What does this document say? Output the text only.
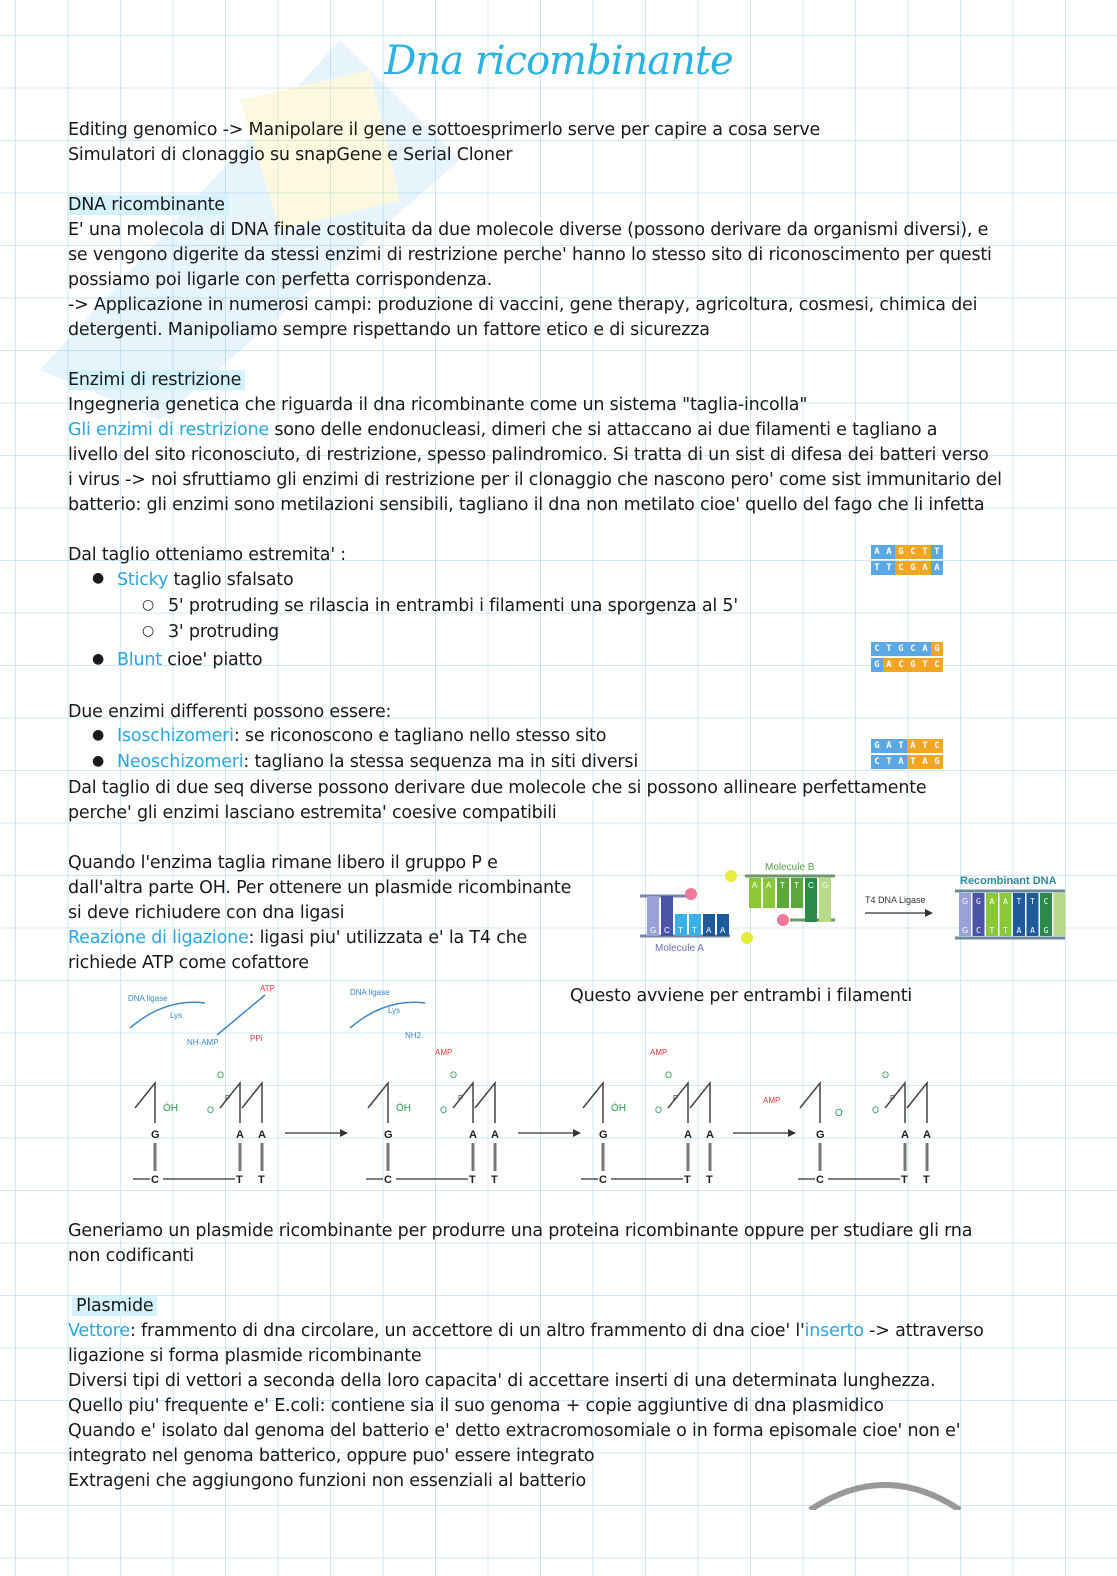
Dna ricombinante
Editing genomico -> Manipolare il gene e sottoesprimerlo serve per capire a cosa serve
Simulatori di clonaggio su snapGene e Serial Cloner
DNA ricombinante
E' una molecola di DNA finale costituita da due molecole diverse (possono derivare da organismi diversi), e
se vengono digerite da stessi enzimi di restrizione perche' hanno lo stesso sito di riconoscimento per questi
possiamo poi ligarle con perfetta corrispondenza.
-> Applicazione in numerosi campi: produzione di vaccini, gene therapy, agricoltura, cosmesi, chimica dei
detergenti. Manipoliamo sempre rispettando un fattore etico e di sicurezza
Enzimi di restrizione
Ingegneria genetica che riguarda il dna ricombinante come un sistema "taglia-incolla"
Gli enzimi di restrizione sono delle endonucleasi, dimeri che si attaccano ai due filamenti e tagliano a
livello del sito riconosciuto, di restrizione, spesso palindromico. Si tratta di un sist di difesa dei batteri verso
i virus -> noi sfruttiamo gli enzimi di restrizione per il clonaggio che nascono pero' come sist immunitario del
batterio: gli enzimi sono metilazioni sensibili, tagliano il dna non metilato cioe' quello del fago che li infetta
Dal taglio otteniamo estremita' :
● Sticky taglio sfalsato
○ 5' protruding se rilascia in entrambi i filamenti una sporgenza al 5'
○ 3' protruding
● Blunt cioe' piatto
A A G C T T
T T C G A A
C T G C A G
G A C G T C
G A T A T C
C T A T A G
Due enzimi differenti possono essere:
● Isoschizomeri: se riconoscono e tagliano nello stesso sito
● Neoschizomeri: tagliano la stessa sequenza ma in siti diversi
Dal taglio di due seq diverse possono derivare due molecole che si possono allineare perfettamente
perche' gli enzimi lasciano estremita' coesive compatibili
Quando l'enzima taglia rimane libero il gruppo P e
dall'altra parte OH. Per ottenere un plasmide ricombinante
si deve richiudere con dna ligasi
Reazione di ligazione: ligasi piu' utilizzata e' la T4 che
richiede ATP come cofattore
Questo avviene per entrambi i filamenti
Molecule A
Molecule B
G C T T A A
A A T T C G
T4 DNA Ligase
Recombinant DNA
G
G
GAATTC
CTTAAG
DNA ligase
Lys
NH-AMP
ATP
PPi
DNA ligase
Lys
NH2
AMP	AMP
AMP
G
C
A
T
A
T
ÖH
P
O
O
G
C
A
T
A
T
ÖH
P
O
O
G
C
A
T
A
T
ÖH
P
O
O
G
C
A
T
A
T
O
P
O
O
Generiamo un plasmide ricombinante per produrre una proteina ricombinante oppure per studiare gli rna
non codificanti
Plasmide
Vettore: frammento di dna circolare, un accettore di un altro frammento di dna cioe' l'inserto -> attraverso
ligazione si forma plasmide ricombinante
Diversi tipi di vettori a seconda della loro capacita' di accettare inserti di una determinata lunghezza.
Quello piu' frequente e' E.coli: contiene sia il suo genoma + copie aggiuntive di dna plasmidico
Quando e' isolato dal genoma del batterio e' detto extracromosomiale o in forma episomale cioe' non e'
integrato nel genoma batterico, oppure puo' essere integrato
Extrageni che aggiungono funzioni non essenziali al batterio
